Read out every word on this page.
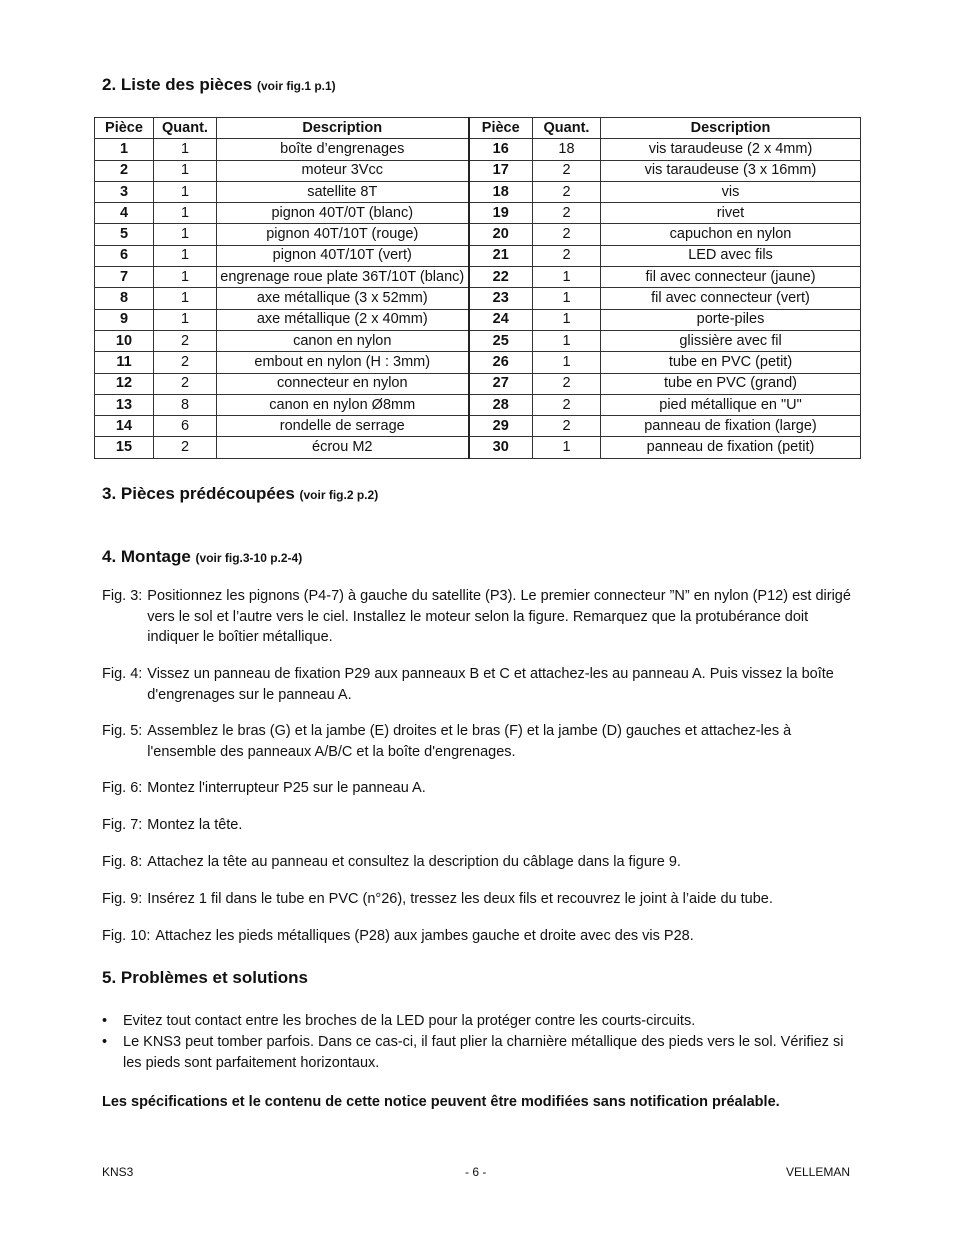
2. Liste des pièces (voir fig.1 p.1)
Pièce	Quant.	Description	Pièce	Quant.	Description
1	1	boîte d’engrenages	16	18	vis taraudeuse (2 x 4mm)
2	1	moteur 3Vcc	17	2	vis taraudeuse (3 x 16mm)
3	1	satellite 8T	18	2	vis
4	1	pignon 40T/0T (blanc)	19	2	rivet
5	1	pignon 40T/10T (rouge)	20	2	capuchon en nylon
6	1	pignon 40T/10T (vert)	21	2	LED avec fils
7	1	engrenage roue plate 36T/10T (blanc)	22	1	fil avec connecteur (jaune)
8	1	axe métallique (3 x 52mm)	23	1	fil avec connecteur (vert)
9	1	axe métallique (2 x 40mm)	24	1	porte-piles
10	2	canon en nylon	25	1	glissière avec fil
11	2	embout en nylon (H : 3mm)	26	1	tube en PVC (petit)
12	2	connecteur en nylon	27	2	tube en PVC (grand)
13	8	canon en nylon Ø8mm	28	2	pied métallique en "U"
14	6	rondelle de serrage	29	2	panneau de fixation (large)
15	2	écrou M2	30	1	panneau de fixation (petit)
3. Pièces prédécoupées (voir fig.2 p.2)
4. Montage (voir fig.3-10 p.2-4)
Fig. 3: Positionnez les pignons (P4-7) à gauche du satellite (P3). Le premier connecteur ”N” en nylon (P12) est dirigé vers le sol et l’autre vers le ciel. Installez le moteur selon la figure. Remarquez que la protubérance doit indiquer le boîtier métallique.
Fig. 4: Vissez un panneau de fixation P29 aux panneaux B et C et attachez-les au panneau A. Puis vissez la boîte d'engrenages sur le panneau A.
Fig. 5: Assemblez le bras (G) et la jambe (E) droites et le bras (F) et la jambe (D) gauches et attachez-les à l'ensemble des panneaux A/B/C et la boîte d'engrenages.
Fig. 6: Montez l'interrupteur P25 sur le panneau A.
Fig. 7: Montez la tête.
Fig. 8: Attachez la tête au panneau et consultez la description du câblage dans la figure 9.
Fig. 9: Insérez 1 fil dans le tube en PVC (n°26), tressez les deux fils et recouvrez le joint à l’aide du tube.
Fig. 10: Attachez les pieds métalliques (P28) aux jambes gauche et droite avec des vis P28.
5. Problèmes et solutions
• Evitez tout contact entre les broches de la LED pour la protéger contre les courts-circuits.
• Le KNS3 peut tomber parfois. Dans ce cas-ci, il faut plier la charnière métallique des pieds vers le sol. Vérifiez si les pieds sont parfaitement horizontaux.
Les spécifications et le contenu de cette notice peuvent être modifiées sans notification préalable.
KNS3	- 6 -	VELLEMAN
